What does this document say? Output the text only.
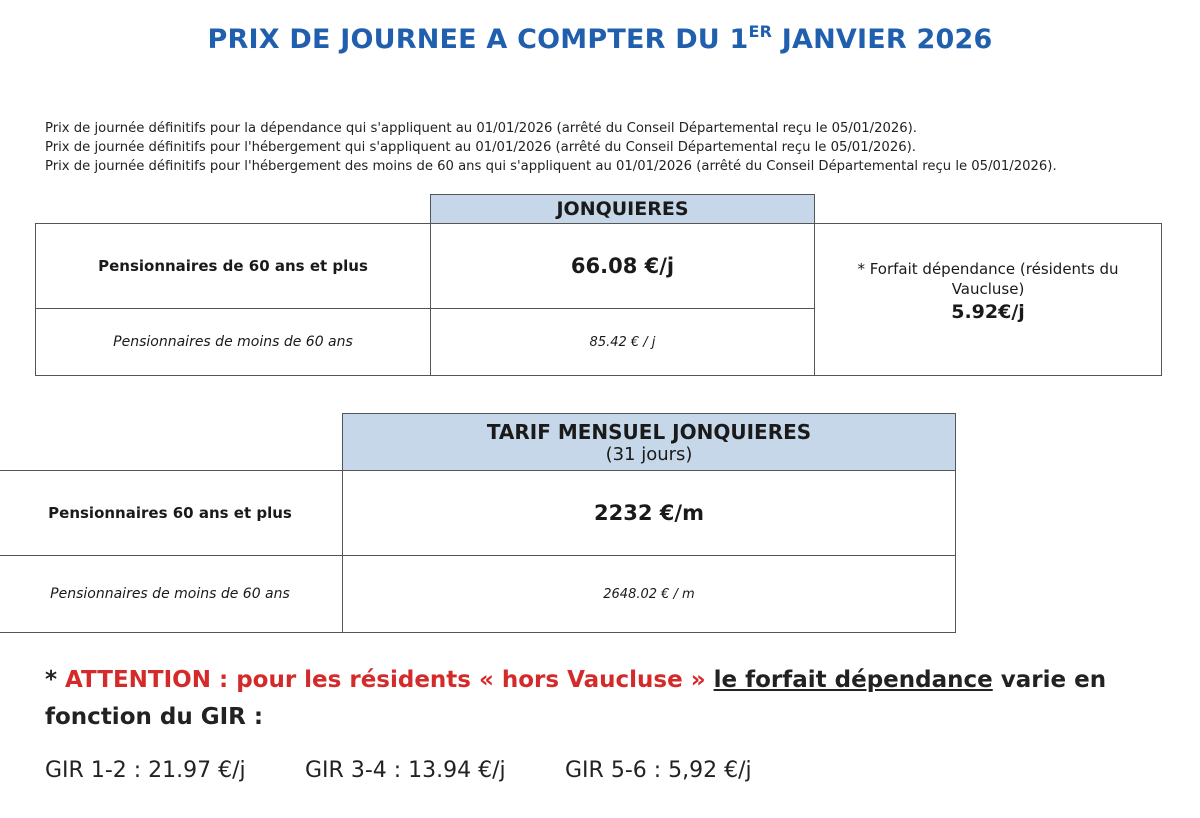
PRIX DE JOURNEE A COMPTER DU 1ER JANVIER 2026
Prix de journée définitifs pour la dépendance qui s'appliquent au 01/01/2026 (arrêté du Conseil Départemental reçu le 05/01/2026).
Prix de journée définitifs pour l'hébergement qui s'appliquent au 01/01/2026 (arrêté du Conseil Départemental reçu le 05/01/2026).
Prix de journée définitifs pour l'hébergement des moins de 60 ans qui s'appliquent au 01/01/2026 (arrêté du Conseil Départemental reçu le 05/01/2026).
JONQUIERES
Pensionnaires de 60 ans et plus	66.08 €/j
Pensionnaires de moins de 60 ans	85.42 € / j
* Forfait dépendance (résidents du Vaucluse)
5.92€/j
TARIF MENSUEL JONQUIERES
(31 jours)
Pensionnaires 60 ans et plus	2232 €/m
Pensionnaires de moins de 60 ans	2648.02 € / m
* ATTENTION : pour les résidents « hors Vaucluse » le forfait dépendance varie en fonction du GIR :
GIR 1-2 : 21.97 €/j	GIR 3-4 : 13.94 €/j	GIR 5-6 : 5,92 €/j
